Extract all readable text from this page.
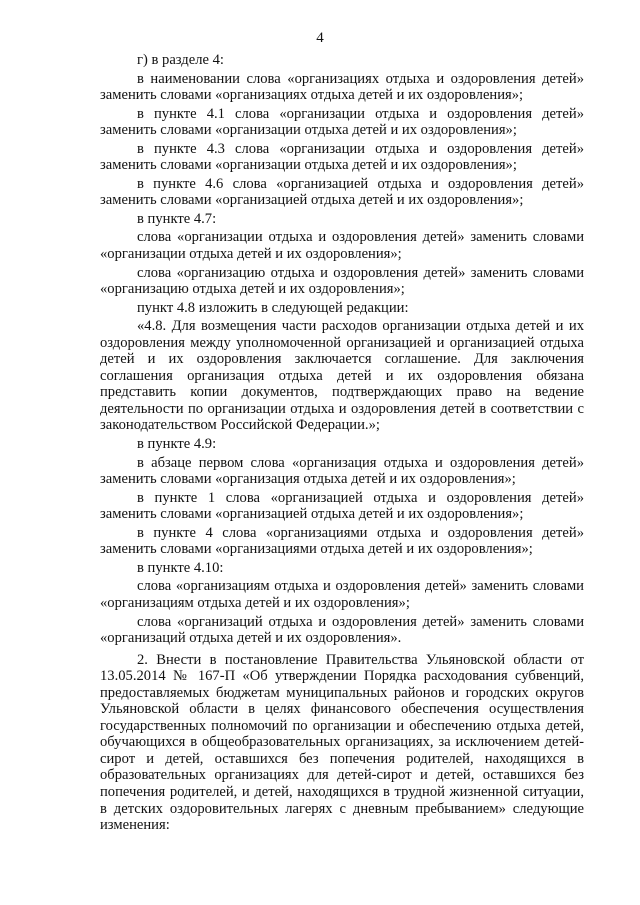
4

г) в разделе 4:

в наименовании слова «организациях отдыха и оздоровления детей» заменить словами «организациях отдыха детей и их оздоровления»;

в пункте 4.1 слова «организации отдыха и оздоровления детей» заменить словами «организации отдыха детей и их оздоровления»;

в пункте 4.3 слова «организации отдыха и оздоровления детей» заменить словами «организации отдыха детей и их оздоровления»;

в пункте 4.6 слова «организацией отдыха и оздоровления детей» заменить словами «организацией отдыха детей и их оздоровления»;

в пункте 4.7:

слова «организации отдыха и оздоровления детей» заменить словами «организации отдыха детей и их оздоровления»;

слова «организацию отдыха и оздоровления детей» заменить словами «организацию отдыха детей и их оздоровления»;

пункт 4.8 изложить в следующей редакции:

«4.8. Для возмещения части расходов организации отдыха детей и их оздоровления между уполномоченной организацией и организацией отдыха детей и их оздоровления заключается соглашение. Для заключения соглашения организация отдыха детей и их оздоровления обязана представить копии документов, подтверждающих право на ведение деятельности по организации отдыха и оздоровления детей в соответствии с законодательством Российской Федерации.»;

в пункте 4.9:

в абзаце первом слова «организация отдыха и оздоровления детей» заменить словами «организация отдыха детей и их оздоровления»;

в пункте 1 слова «организацией отдыха и оздоровления детей» заменить словами «организацией отдыха детей и их оздоровления»;

в пункте 4 слова «организациями отдыха и оздоровления детей» заменить словами «организациями отдыха детей и их оздоровления»;

в пункте 4.10:

слова «организациям отдыха и оздоровления детей» заменить словами «организациям отдыха детей и их оздоровления»;

слова «организаций отдыха и оздоровления детей» заменить словами «организаций отдыха детей и их оздоровления».

2. Внести в постановление Правительства Ульяновской области от 13.05.2014 № 167-П «Об утверждении Порядка расходования субвенций, предоставляемых бюджетам муниципальных районов и городских округов Ульяновской области в целях финансового обеспечения осуществления государственных полномочий по организации и обеспечению отдыха детей, обучающихся в общеобразовательных организациях, за исключением детей-сирот и детей, оставшихся без попечения родителей, находящихся в образовательных организациях для детей-сирот и детей, оставшихся без попечения родителей, и детей, находящихся в трудной жизненной ситуации, в детских оздоровительных лагерях с дневным пребыванием» следующие изменения:
